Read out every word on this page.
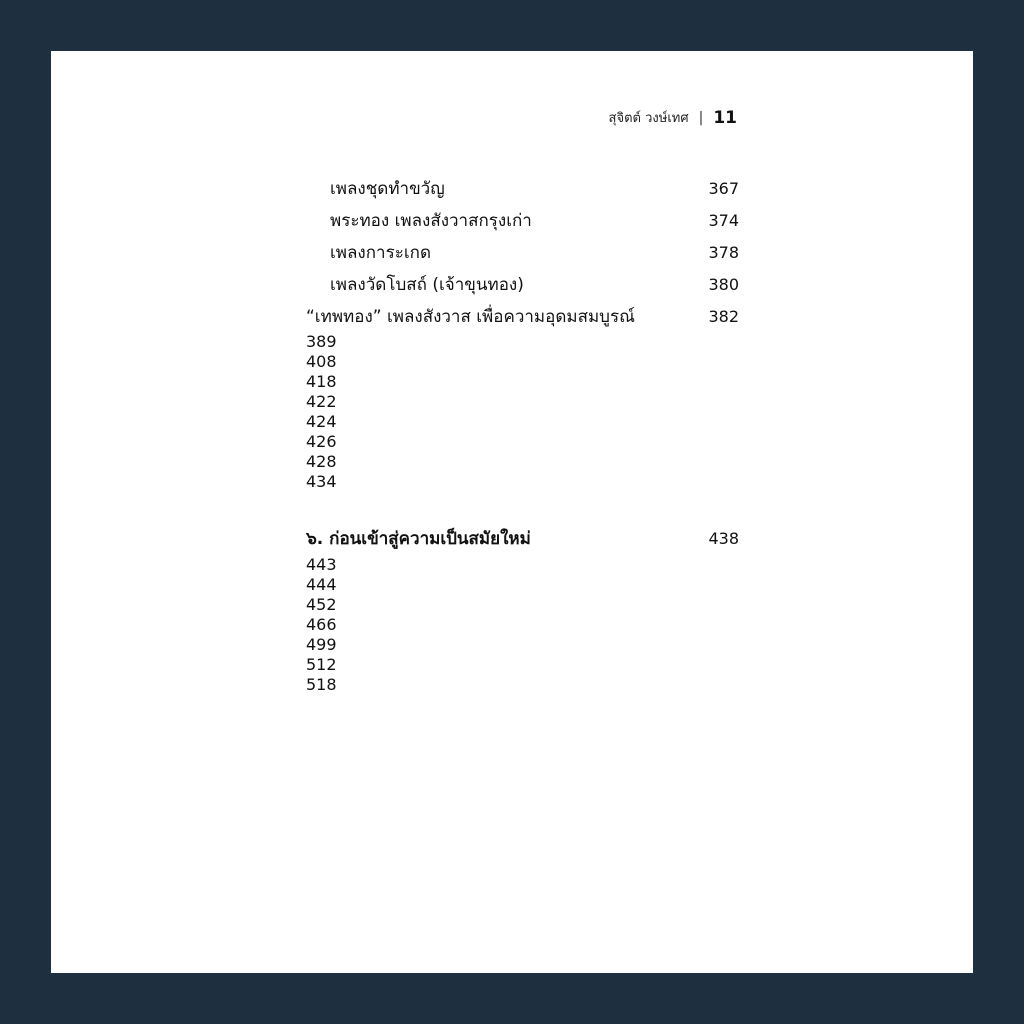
สุจิตต์ วงษ์เทศ | 11
เพลงชุดทำขวัญ	367
พระทอง เพลงสังวาสกรุงเก่า	374
เพลงการะเกด	378
เพลงวัดโบสถ์ (เจ้าขุนทอง)	380
“เทพทอง” เพลงสังวาส เพื่อความอุดมสมบูรณ์	382
389
408
418
422
424
426
428
434
๖. ก่อนเข้าสู่ความเป็นสมัยใหม่	438
443
444
452
466
499
512
518
